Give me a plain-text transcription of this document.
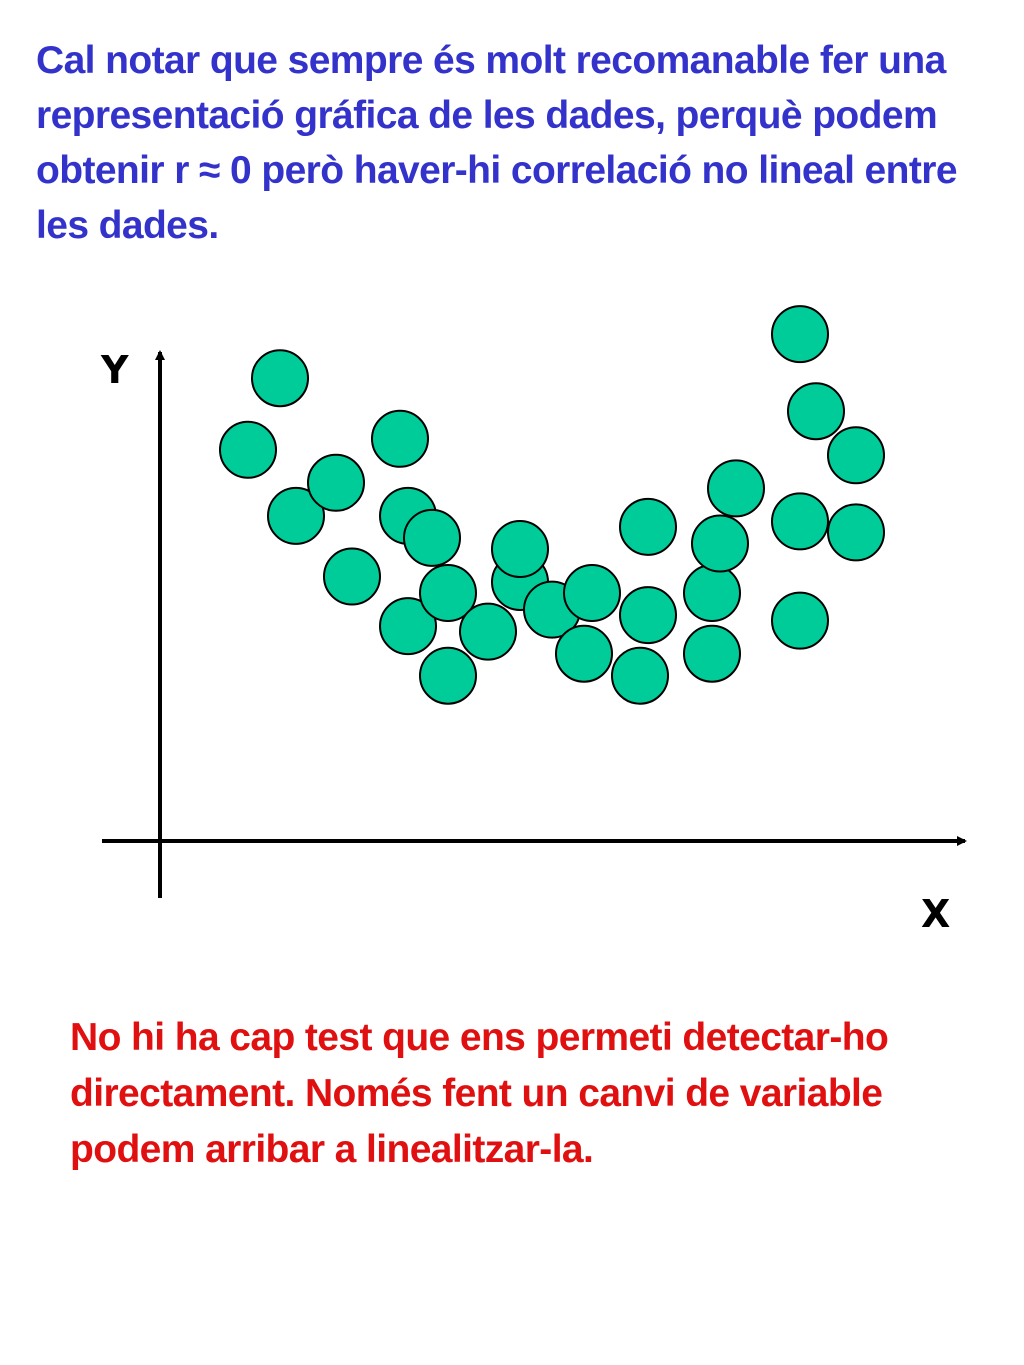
Cal notar que sempre és molt recomanable fer una representació gráfica de les dades, perquè podem obtenir r ≈ 0 però haver-hi correlació no lineal entre les dades.

Y
X

No hi ha cap test que ens permeti detectar-ho directament. Només fent un canvi de variable podem arribar a linealitzar-la.
